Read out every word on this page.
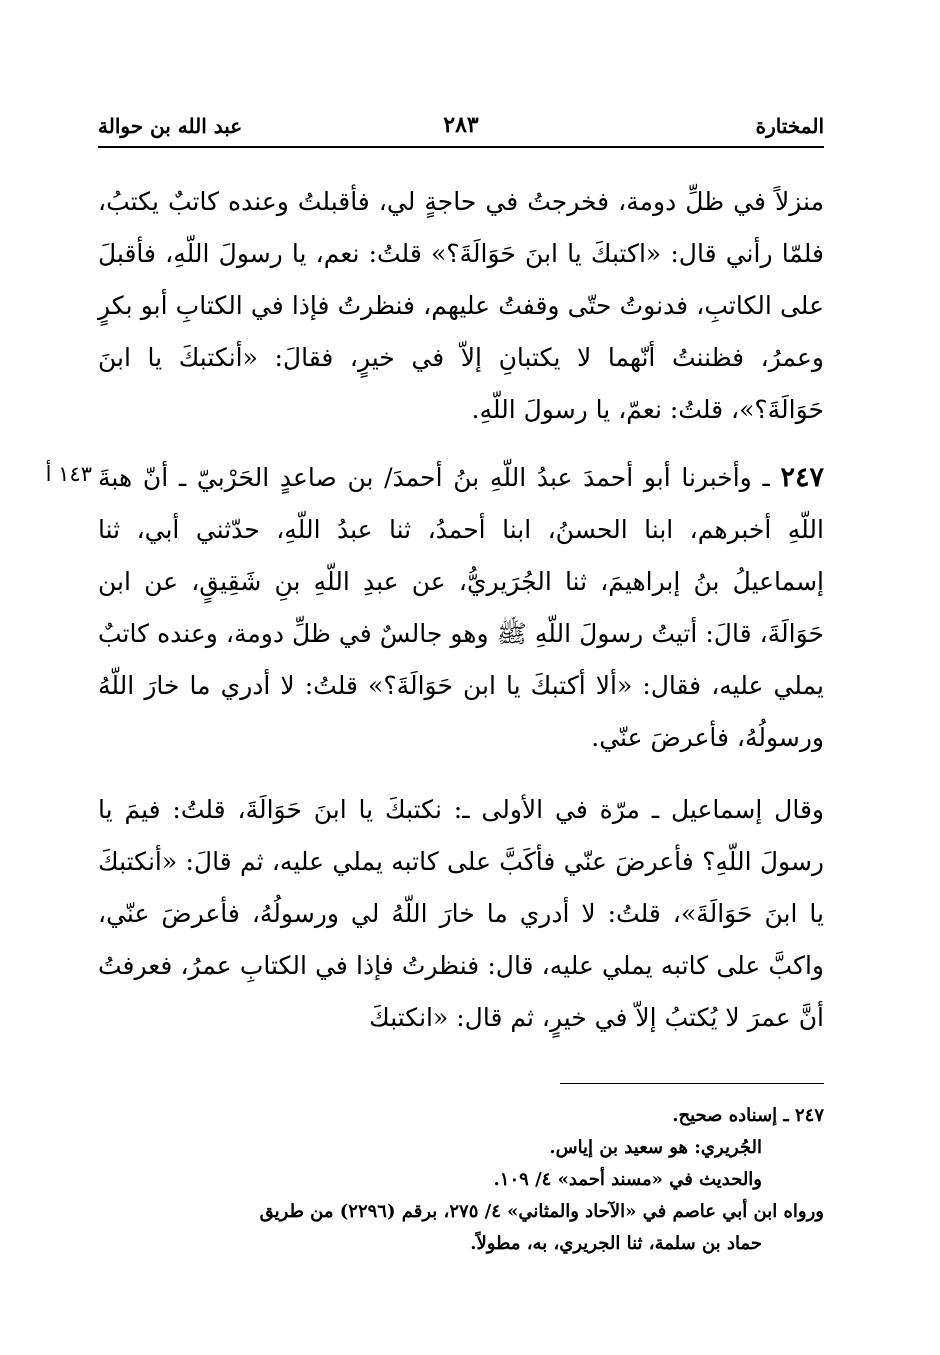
المختارة
٢٨٣
عبد الله بن حوالة
منزلاً في ظلِّ دومة، فخرجتُ في حاجةٍ لي، فأقبلتُ وعنده كاتبٌ يكتبُ، فلمّا رأني قال: «اكتبكَ يا ابنَ حَوَالَةَ؟» قلتُ: نعم، يا رسولَ اللّهِ، فأقبلَ على الكاتبِ، فدنوتُ حتّى وقفتُ عليهم، فنظرتُ فإذا في الكتابِ أبو بكرٍ وعمرُ، فظننتُ أنّهما لا يكتبانِ إلاّ في خيرٍ، فقالَ: «أنكتبكَ يا ابنَ حَوَالَةَ؟»، قلتُ: نعمّ، يا رسولَ اللّهِ.
١٤٣ أ	٢٤٧ ـ وأخبرنا أبو أحمدَ عبدُ اللّهِ بنُ أحمدَ/ بن صاعدٍ الحَرْبيّ ـ أنّ هبةَ اللّهِ أخبرهم، ابنا الحسنُ، ابنا أحمدُ، ثنا عبدُ اللّهِ، حدّثني أبي، ثنا إسماعيلُ بنُ إبراهيمَ، ثنا الجُرَيريُّ، عن عبدِ اللّهِ بنِ شَقِيقٍ، عن ابن حَوَالَةَ، قالَ: أتيتُ رسولَ اللّهِ ﷺ وهو جالسٌ في ظلِّ دومة، وعنده كاتبٌ يملي عليه، فقال: «ألا أكتبكَ يا ابن حَوَالَةَ؟» قلتُ: لا أدري ما خارَ اللّهُ ورسولُهُ، فأعرضَ عنّي.
وقال إسماعيل ـ مرّة في الأولى ـ: نكتبكَ يا ابنَ حَوَالَةَ، قلتُ: فيمَ يا رسولَ اللّهِ؟ فأعرضَ عنّي فأكَبَّ على كاتبه يملي عليه، ثم قالَ: «أنكتبكَ يا ابنَ حَوَالَةَ»، قلتُ: لا أدري ما خارَ اللّهُ لي ورسولُهُ، فأعرضَ عنّي، واكبَّ على كاتبه يملي عليه، قال: فنظرتُ فإذا في الكتابِ عمرُ، فعرفتُ أنَّ عمرَ لا يُكتبُ إلاّ في خيرٍ، ثم قال: «انكتبكَ
٢٤٧ ـ إسناده صحيح.
الجُريري: هو سعيد بن إياس.
والحديث في «مسند أحمد» ٤/ ١٠٩.
ورواه ابن أبي عاصم في «الآحاد والمثاني» ٤/ ٢٧٥، برقم (٢٢٩٦) من طريق
حماد بن سلمة، ثنا الجريري، به، مطولاً.
